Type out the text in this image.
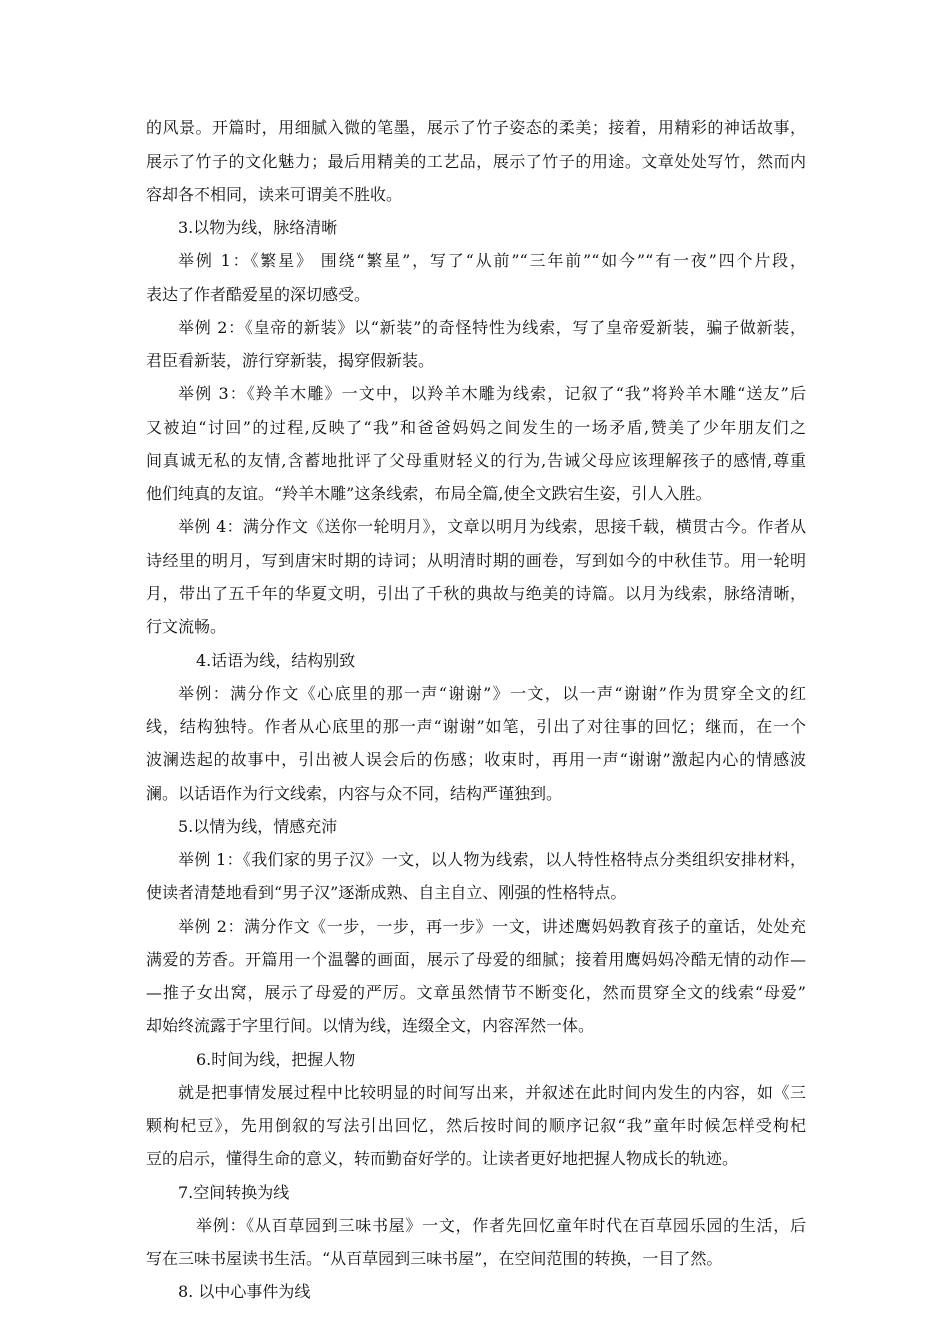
的风景。开篇时，用细腻入微的笔墨，展示了竹子姿态的柔美；接着，用精彩的神话故事，
展示了竹子的文化魅力；最后用精美的工艺品，展示了竹子的用途。文章处处写竹，然而内
容却各不相同，读来可谓美不胜收。
3.以物为线，脉络清晰
举例 1：《繁星》 围绕“繁星”，写了“从前”“三年前”“如今”“有一夜”四个片段，
表达了作者酷爱星的深切感受。
举例 2：《皇帝的新装》以“新装”的奇怪特性为线索，写了皇帝爱新装，骗子做新装，
君臣看新装，游行穿新装，揭穿假新装。
举例 3：《羚羊木雕》一文中，以羚羊木雕为线索，记叙了“我”将羚羊木雕“送友”后
又被迫“讨回”的过程,反映了“我”和爸爸妈妈之间发生的一场矛盾,赞美了少年朋友们之
间真诚无私的友情,含蓄地批评了父母重财轻义的行为,告诫父母应该理解孩子的感情,尊重
他们纯真的友谊。“羚羊木雕”这条线索，布局全篇,使全文跌宕生姿，引人入胜。
举例 4：满分作文《送你一轮明月》，文章以明月为线索，思接千载，横贯古今。作者从
诗经里的明月，写到唐宋时期的诗词；从明清时期的画卷，写到如今的中秋佳节。用一轮明
月，带出了五千年的华夏文明，引出了千秋的典故与绝美的诗篇。以月为线索，脉络清晰，
行文流畅。
4.话语为线，结构别致
举例：满分作文《心底里的那一声“谢谢”》一文，以一声“谢谢”作为贯穿全文的红
线，结构独特。作者从心底里的那一声“谢谢”如笔，引出了对往事的回忆；继而，在一个
波澜迭起的故事中，引出被人误会后的伤感；收束时，再用一声“谢谢”激起内心的情感波
澜。以话语作为行文线索，内容与众不同，结构严谨独到。
5.以情为线，情感充沛
举例 1：《我们家的男子汉》一文，以人物为线索，以人特性格特点分类组织安排材料，
使读者清楚地看到“男子汉”逐渐成熟、自主自立、刚强的性格特点。
举例 2：满分作文《一步，一步，再一步》一文，讲述鹰妈妈教育孩子的童话，处处充
满爱的芳香。开篇用一个温馨的画面，展示了母爱的细腻；接着用鹰妈妈冷酷无情的动作—
—推子女出窝，展示了母爱的严厉。文章虽然情节不断变化，然而贯穿全文的线索“母爱”
却始终流露于字里行间。以情为线，连缀全文，内容浑然一体。
6.时间为线，把握人物
就是把事情发展过程中比较明显的时间写出来，并叙述在此时间内发生的内容，如《三
颗枸杞豆》，先用倒叙的写法引出回忆，然后按时间的顺序记叙“我”童年时候怎样受枸杞
豆的启示，懂得生命的意义，转而勤奋好学的。让读者更好地把握人物成长的轨迹。
7.空间转换为线
举例：《从百草园到三味书屋》一文，作者先回忆童年时代在百草园乐园的生活，后
写在三味书屋读书生活。“从百草园到三味书屋”，在空间范围的转换，一目了然。
8. 以中心事件为线
